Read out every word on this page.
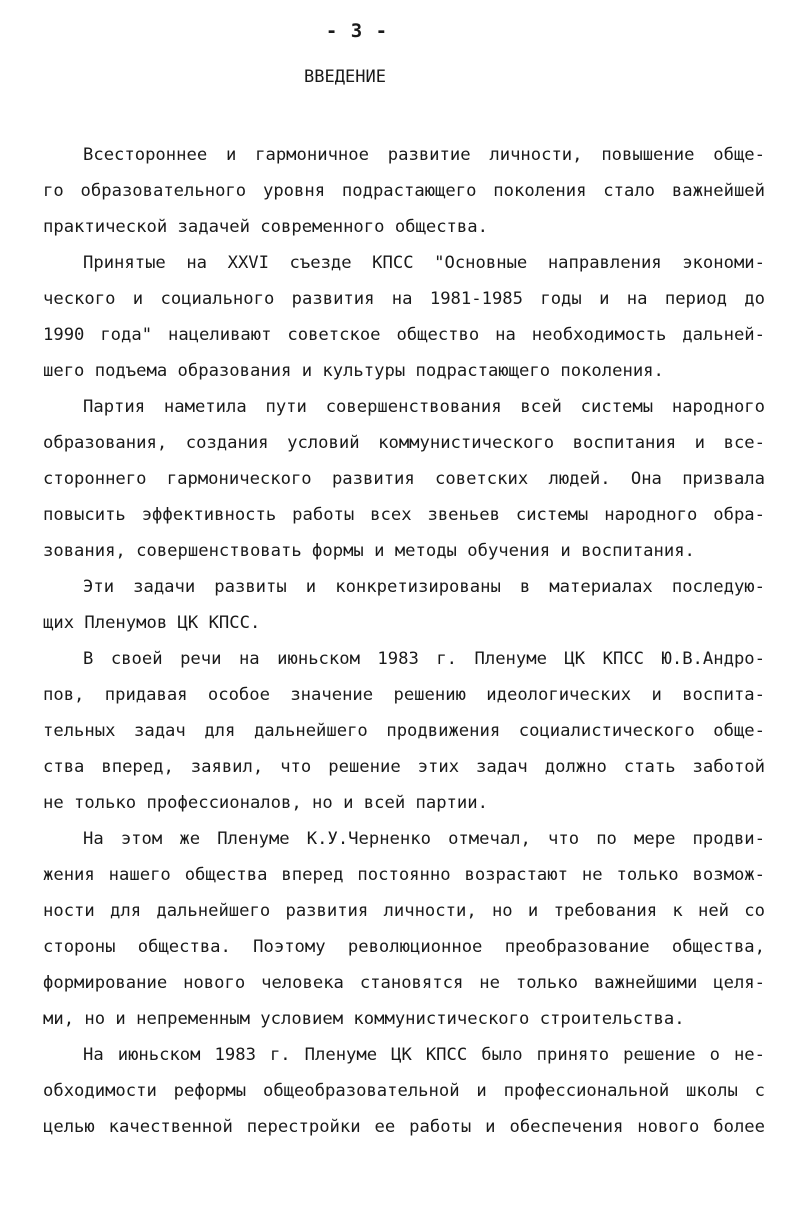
- 3 -
ВВЕДЕНИЕ
Всестороннее и гармоничное развитие личности, повышение обще-
го образовательного уровня подрастающего поколения стало важнейшей
практической задачей современного общества.
Принятые на XXVI съезде КПСС "Основные направления экономи-
ческого и социального развития на 1981-1985 годы и на период до
1990 года" нацеливают советское общество на необходимость дальней-
шего подъема образования и культуры подрастающего поколения.
Партия наметила пути совершенствования всей системы народного
образования, создания условий коммунистического воспитания и все-
стороннего гармонического развития советских людей. Она призвала
повысить эффективность работы всех звеньев системы народного обра-
зования, совершенствовать формы и методы обучения и воспитания.
Эти задачи развиты и конкретизированы в материалах последую-
щих Пленумов ЦК КПСС.
В своей речи на июньском 1983 г. Пленуме ЦК КПСС Ю.В.Андро-
пов, придавая особое значение решению идеологических и воспита-
тельных задач для дальнейшего продвижения социалистического обще-
ства вперед, заявил, что решение этих задач должно стать заботой
не только профессионалов, но и всей партии.
На этом же Пленуме К.У.Черненко отмечал, что по мере продви-
жения нашего общества вперед постоянно возрастают не только возмож-
ности для дальнейшего развития личности, но и требования к ней со
стороны общества. Поэтому революционное преобразование общества,
формирование нового человека становятся не только важнейшими целя-
ми, но и непременным условием коммунистического строительства.
На июньском 1983 г. Пленуме ЦК КПСС было принято решение о не-
обходимости реформы общеобразовательной и профессиональной школы с
целью качественной перестройки ее работы и обеспечения нового более
